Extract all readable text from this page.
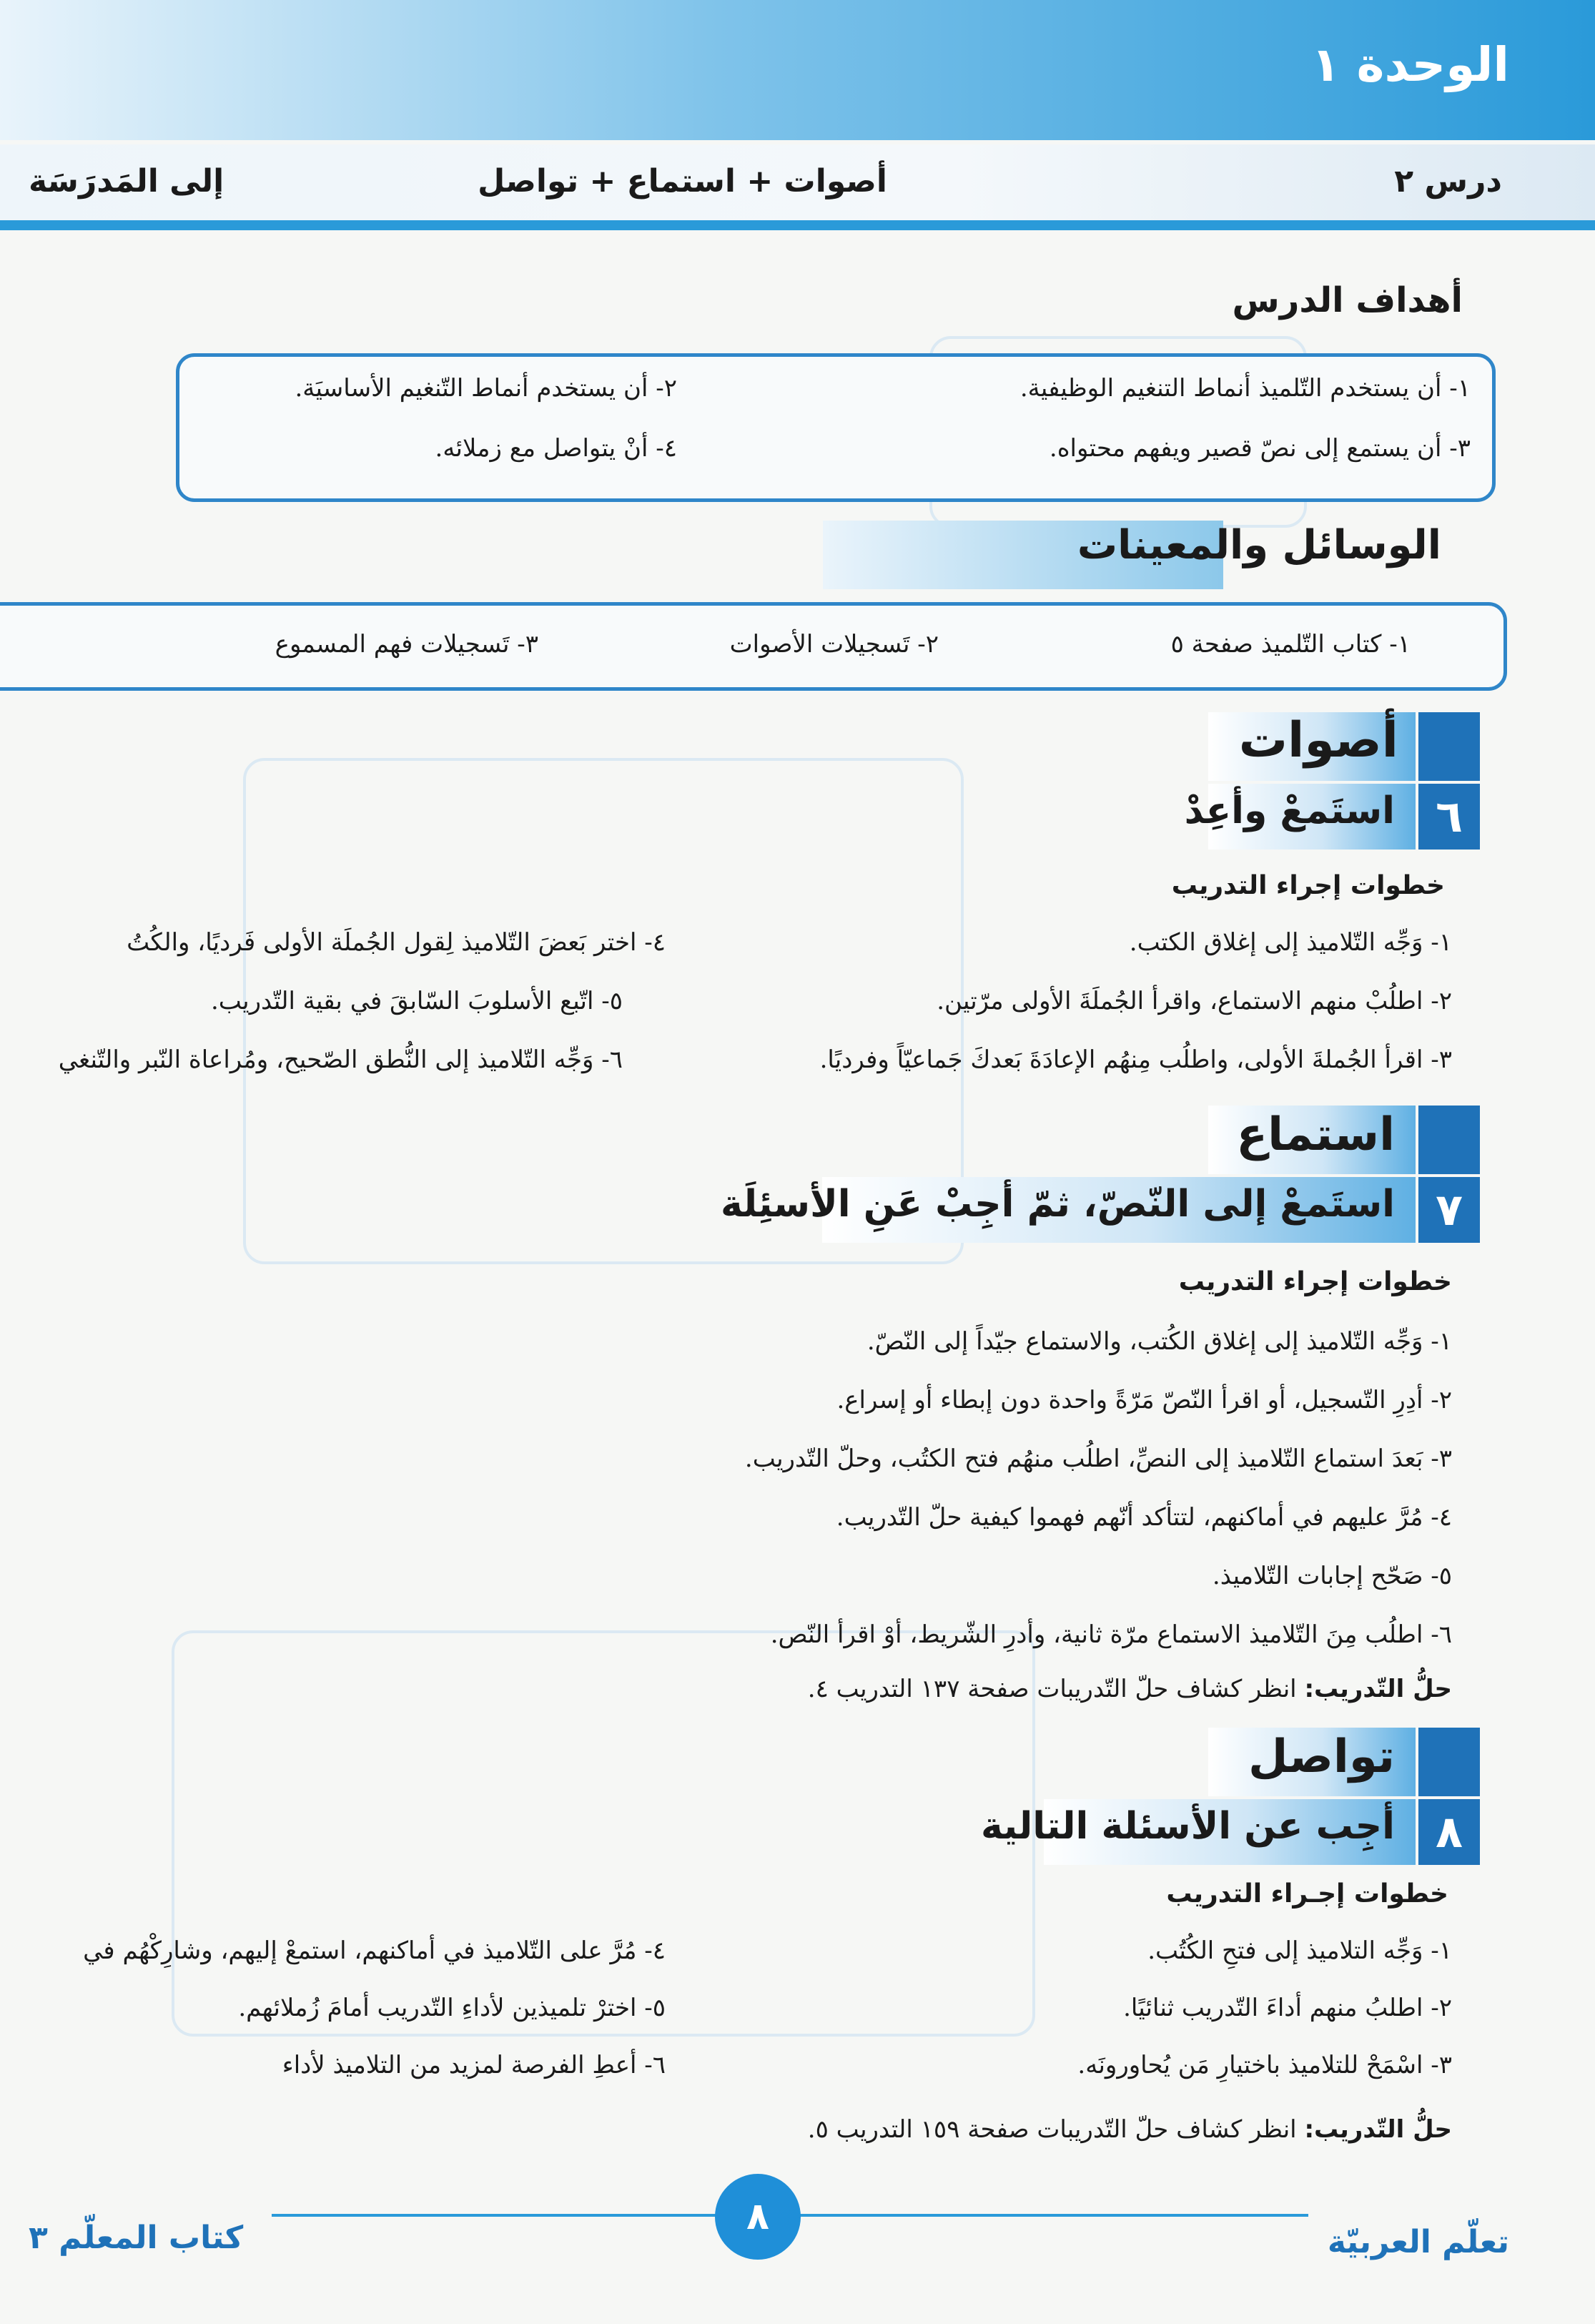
الوحدة ١
درس ٢
أصوات + استماع + تواصل
إلى المَدرَسَة
أهداف الدرس
١- أن يستخدم التّلميذ أنماط التنغيم الوظيفية.
٢- أن يستخدم أنماط التّنغيم الأساسيَة.
٣- أن يستمع إلى نصّ قصير ويفهم محتواه.
٤- أنْ يتواصل مع زملائه.
الوسائل والمعينات
١- كتاب التّلميذ صفحة ٥
٢- تَسجيلات الأصوات
٣- تَسجيلات فهم المسموع
أصوات
٦
استَمعْ وأعِدْ
خطوات إجراء التدريب
١- وَجِّه التّلاميذ إلى إغلاق الكتب.
٢- اطلُبْ منهم الاستماع، واقرأ الجُملَةَ الأولى مرّتين.
٣- اقرأ الجُملةَ الأولى، واطلُب مِنهُم الإعادَةَ بَعدكَ جَماعيّاً وفرديًا.
٤- اختر بَعضَ التّلاميذ لِقول الجُملَة الأولى فَرديًا، والكُتُ
٥- اتّبع الأسلوبَ السّابقَ في بقية التّدريب.
٦- وَجِّه التّلاميذ إلى النُّطق الصّحيح، ومُراعاة النّبر والتّنغي
استماع
٧
استَمعْ إلى النّصّ، ثمّ أجِبْ عَنِ الأسئِلَة
خطوات إجراء التدريب
١- وَجِّه التّلاميذ إلى إغلاق الكُتب، والاستماع جيّداً إلى النّصّ.
٢- أدِرِ التّسجيل، أو اقرأ النّصّ مَرّةً واحدة دون إبطاء أو إسراع.
٣- بَعدَ استماع التّلاميذ إلى النصِّ، اطلُب منهُم فتح الكتُب، وحلّ التّدريب.
٤- مُرَّ عليهم في أماكنهم، لتتأكد أنّهم فهموا كيفية حلّ التّدريب.
٥- صَحّح إجابات التّلاميذ.
٦- اطلُب مِنَ التّلاميذ الاستماع مرّة ثانية، وأدرِ الشّريط، أوْ اقرأ النّص.
حلُّ التّدريب: انظر كشاف حلّ التّدريبات صفحة ١٣٧ التدريب ٤.
تواصل
٨
أجِب عن الأسئلة التالية
خطوات إجـراء التدريب
١- وَجِّه التلاميذ إلى فتحِ الكُتُب.
٢- اطلبُ منهم أداءَ التّدريب ثنائيًا.
٣- اسْمَحْ للتلاميذ باختيارِ مَن يُحاورونَه.
٤- مُرَّ على التّلاميذ في أماكنهم، استمعْ إليهم، وشارِكْهُم في
٥- اخترْ تلميذين لأداءِ التّدريب أمامَ زُملائهم.
٦- أعطِ الفرصة لمزيد من التلاميذ لأداء
حلُّ التّدريب: انظر كشاف حلّ التّدريبات صفحة ١٥٩ التدريب ٥.
٨
تعلّم العربيّة
كتاب المعلّم ٣
